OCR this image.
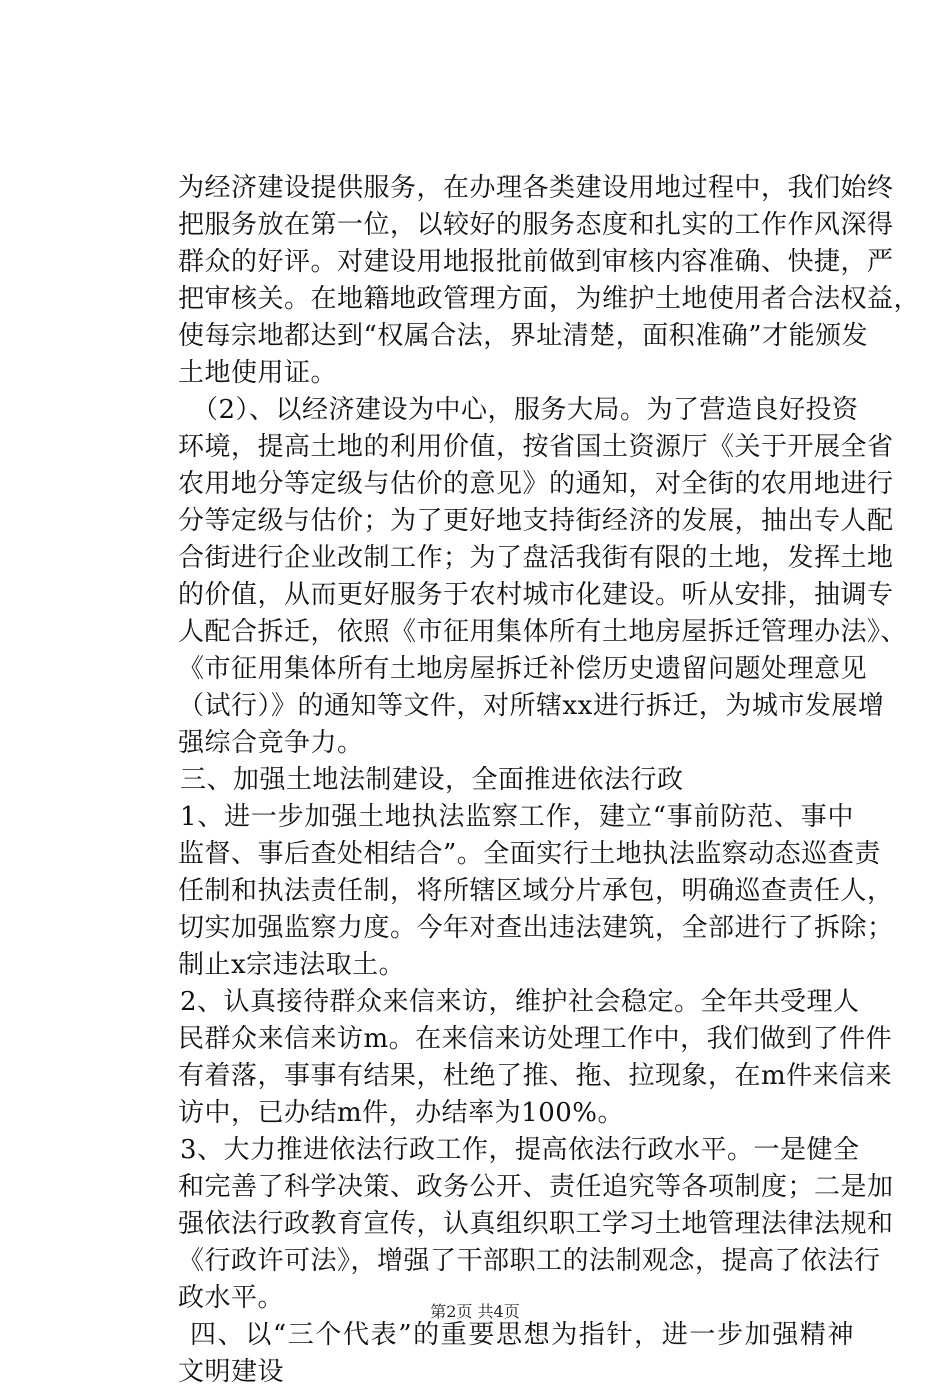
为经济建设提供服务，在办理各类建设用地过程中，我们始终
把服务放在第一位，以较好的服务态度和扎实的工作作风深得
群众的好评。对建设用地报批前做到审核内容准确、快捷，严
把审核关。在地籍地政管理方面，为维护土地使用者合法权益，
使每宗地都达到“权属合法，界址清楚，面积准确”才能颁发
土地使用证。
（2）、以经济建设为中心，服务大局。为了营造良好投资
环境，提高土地的利用价值，按省国土资源厅《关于开展全省
农用地分等定级与估价的意见》的通知，对全街的农用地进行
分等定级与估价；为了更好地支持街经济的发展，抽出专人配
合街进行企业改制工作；为了盘活我街有限的土地，发挥土地
的价值，从而更好服务于农村城市化建设。听从安排，抽调专
人配合拆迁，依照《市征用集体所有土地房屋拆迁管理办法》、
《市征用集体所有土地房屋拆迁补偿历史遗留问题处理意见
（试行）》的通知等文件，对所辖xx进行拆迁，为城市发展增
强综合竞争力。
三、加强土地法制建设，全面推进依法行政
1、进一步加强土地执法监察工作，建立“事前防范、事中
监督、事后查处相结合”。全面实行土地执法监察动态巡查责
任制和执法责任制，将所辖区域分片承包，明确巡查责任人，
切实加强监察力度。今年对查出违法建筑，全部进行了拆除；
制止x宗违法取土。
2、认真接待群众来信来访，维护社会稳定。全年共受理人
民群众来信来访m。在来信来访处理工作中，我们做到了件件
有着落，事事有结果，杜绝了推、拖、拉现象，在m件来信来
访中，已办结m件，办结率为100%。
3、大力推进依法行政工作，提高依法行政水平。一是健全
和完善了科学决策、政务公开、责任追究等各项制度；二是加
强依法行政教育宣传，认真组织职工学习土地管理法律法规和
《行政许可法》，增强了干部职工的法制观念，提高了依法行
政水平。
四、以“三个代表”的重要思想为指针，进一步加强精神
文明建设
第2页 共4页
